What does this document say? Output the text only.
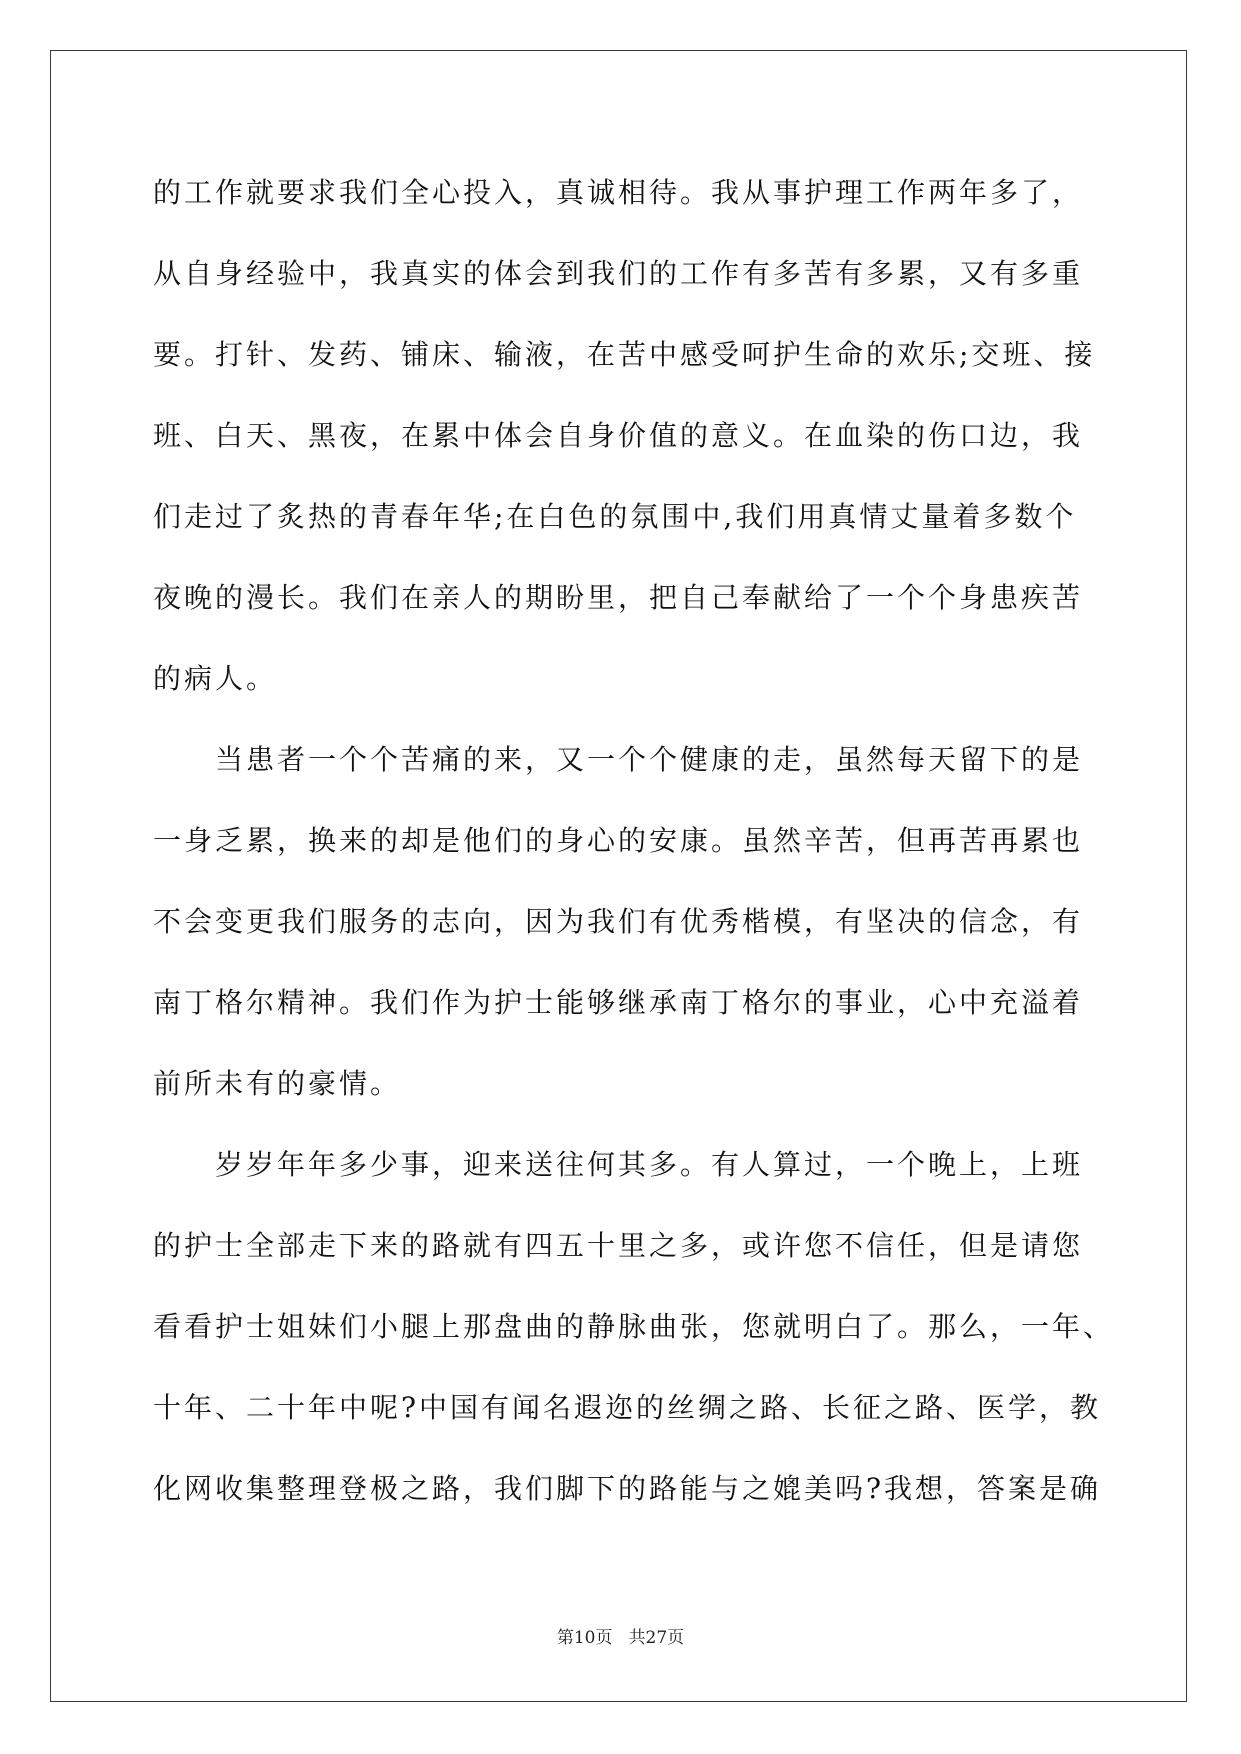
的工作就要求我们全心投入，真诚相待。我从事护理工作两年多了，
从自身经验中，我真实的体会到我们的工作有多苦有多累，又有多重
要。打针、发药、铺床、输液，在苦中感受呵护生命的欢乐;交班、接
班、白天、黑夜，在累中体会自身价值的意义。在血染的伤口边，我
们走过了炙热的青春年华;在白色的氛围中,我们用真情丈量着多数个
夜晚的漫长。我们在亲人的期盼里，把自己奉献给了一个个身患疾苦
的病人。
当患者一个个苦痛的来，又一个个健康的走，虽然每天留下的是
一身乏累，换来的却是他们的身心的安康。虽然辛苦，但再苦再累也
不会变更我们服务的志向，因为我们有优秀楷模，有坚决的信念，有
南丁格尔精神。我们作为护士能够继承南丁格尔的事业，心中充溢着
前所未有的豪情。
岁岁年年多少事，迎来送往何其多。有人算过，一个晚上，上班
的护士全部走下来的路就有四五十里之多，或许您不信任，但是请您
看看护士姐妹们小腿上那盘曲的静脉曲张，您就明白了。那么，一年、
十年、二十年中呢?中国有闻名遐迩的丝绸之路、长征之路、医学，教
化网收集整理登极之路，我们脚下的路能与之媲美吗?我想，答案是确
第10页 共27页
